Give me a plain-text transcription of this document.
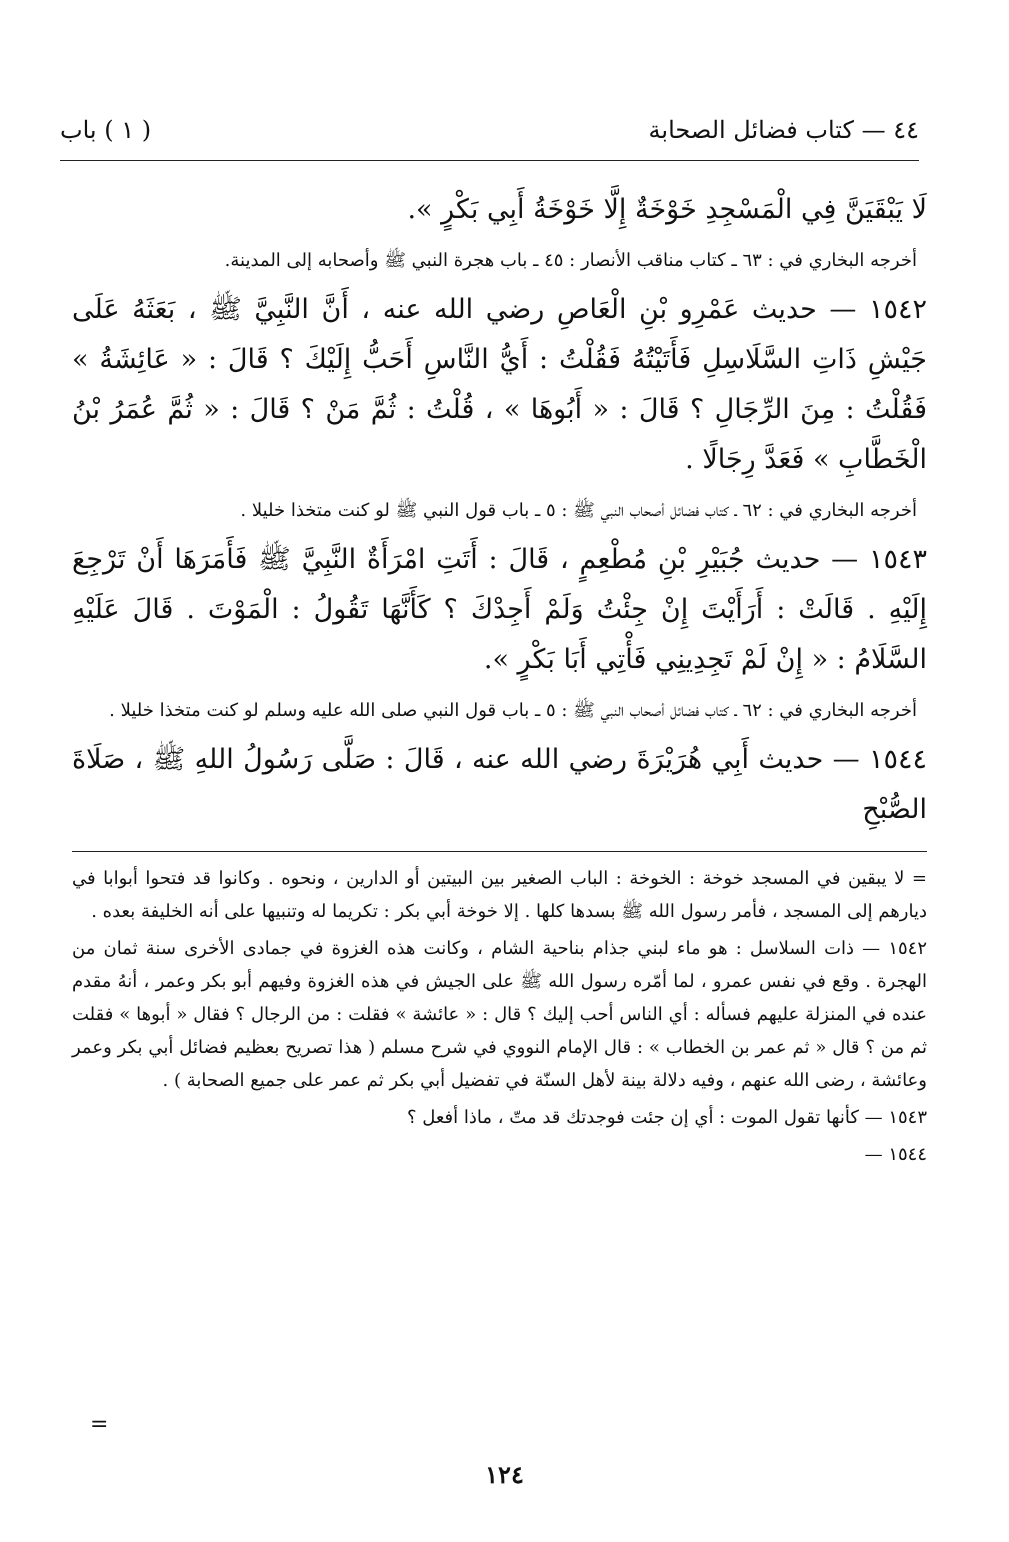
٤٤ — كتاب فضائل الصحابة
( ١ ) باب

لَا يَبْقَيَنَّ فِي الْمَسْجِدِ خَوْخَةٌ إِلَّا خَوْخَةُ أَبِي بَكْرٍ ».

أخرجه البخاري في : ٦٣ ـ كتاب مناقب الأنصار : ٤٥ ـ باب هجرة النبي ﷺ وأصحابه إلى المدينة.

١٥٤٢ — حديث عَمْرِو بْنِ الْعَاصِ رضي الله عنه ، أَنَّ النَّبِيَّ ﷺ ، بَعَثَهُ عَلَى جَيْشِ ذَاتِ السَّلَاسِلِ فَأَتَيْتُهُ فَقُلْتُ : أَيُّ النَّاسِ أَحَبُّ إِلَيْكَ ؟ قَالَ : « عَائِشَةُ » فَقُلْتُ : مِنَ الرِّجَالِ ؟ قَالَ : « أَبُوهَا » ، قُلْتُ : ثُمَّ مَنْ ؟ قَالَ : « ثُمَّ عُمَرُ بْنُ الْخَطَّابِ » فَعَدَّ رِجَالًا .

أخرجه البخاري في : ٦٢ ـ كتاب فضائل أصحاب النبي ﷺ : ٥ ـ باب قول النبي ﷺ لو كنت متخذا خليلا .

١٥٤٣ — حديث جُبَيْرِ بْنِ مُطْعِمٍ ، قَالَ : أَتَتِ امْرَأَةٌ النَّبِيَّ ﷺ فَأَمَرَهَا أَنْ تَرْجِعَ إِلَيْهِ . قَالَتْ : أَرَأَيْتَ إِنْ جِئْتُ وَلَمْ أَجِدْكَ ؟ كَأَنَّهَا تَقُولُ : الْمَوْتَ . قَالَ عَلَيْهِ السَّلَامُ : « إِنْ لَمْ تَجِدِينِي فَأْتِي أَبَا بَكْرٍ ».

أخرجه البخاري في : ٦٢ ـ كتاب فضائل أصحاب النبي ﷺ : ٥ ـ باب قول النبي صلى الله عليه وسلم لو كنت متخذا خليلا .

١٥٤٤ — حديث أَبِي هُرَيْرَةَ رضي الله عنه ، قَالَ : صَلَّى رَسُولُ اللهِ ﷺ ، صَلَاةَ الصُّبْحِ

= لا يبقين في المسجد خوخة : الخوخة : الباب الصغير بين البيتين أو الدارين ، ونحوه . وكانوا قد فتحوا أبوابا في ديارهم إلى المسجد ، فأمر رسول الله ﷺ بسدها كلها . إلا خوخة أبي بكر : تكريما له وتنبيها على أنه الخليفة بعده .

١٥٤٢ — ذات السلاسل : هو ماء لبني جذام بناحية الشام ، وكانت هذه الغزوة في جمادى الأخرى سنة ثمان من الهجرة . وقع في نفس عمرو ، لما أمّره رسول الله ﷺ على الجيش في هذه الغزوة وفيهم أبو بكر وعمر ، أنهُ مقدم عنده في المنزلة عليهم فسأله : أي الناس أحب إليك ؟ قال : « عائشة » فقلت : من الرجال ؟ فقال « أبوها » فقلت ثم من ؟ قال « ثم عمر بن الخطاب » : قال الإمام النووي في شرح مسلم ( هذا تصريح بعظيم فضائل أبي بكر وعمر وعائشة ، رضى الله عنهم ، وفيه دلالة بينة لأهل السنّة في تفضيل أبي بكر ثم عمر على جميع الصحابة ) .

١٥٤٣ — كأنها تقول الموت : أي إن جئت فوجدتك قد متّ ، ماذا أفعل ؟

١٥٤٤ —

=
١٢٤
